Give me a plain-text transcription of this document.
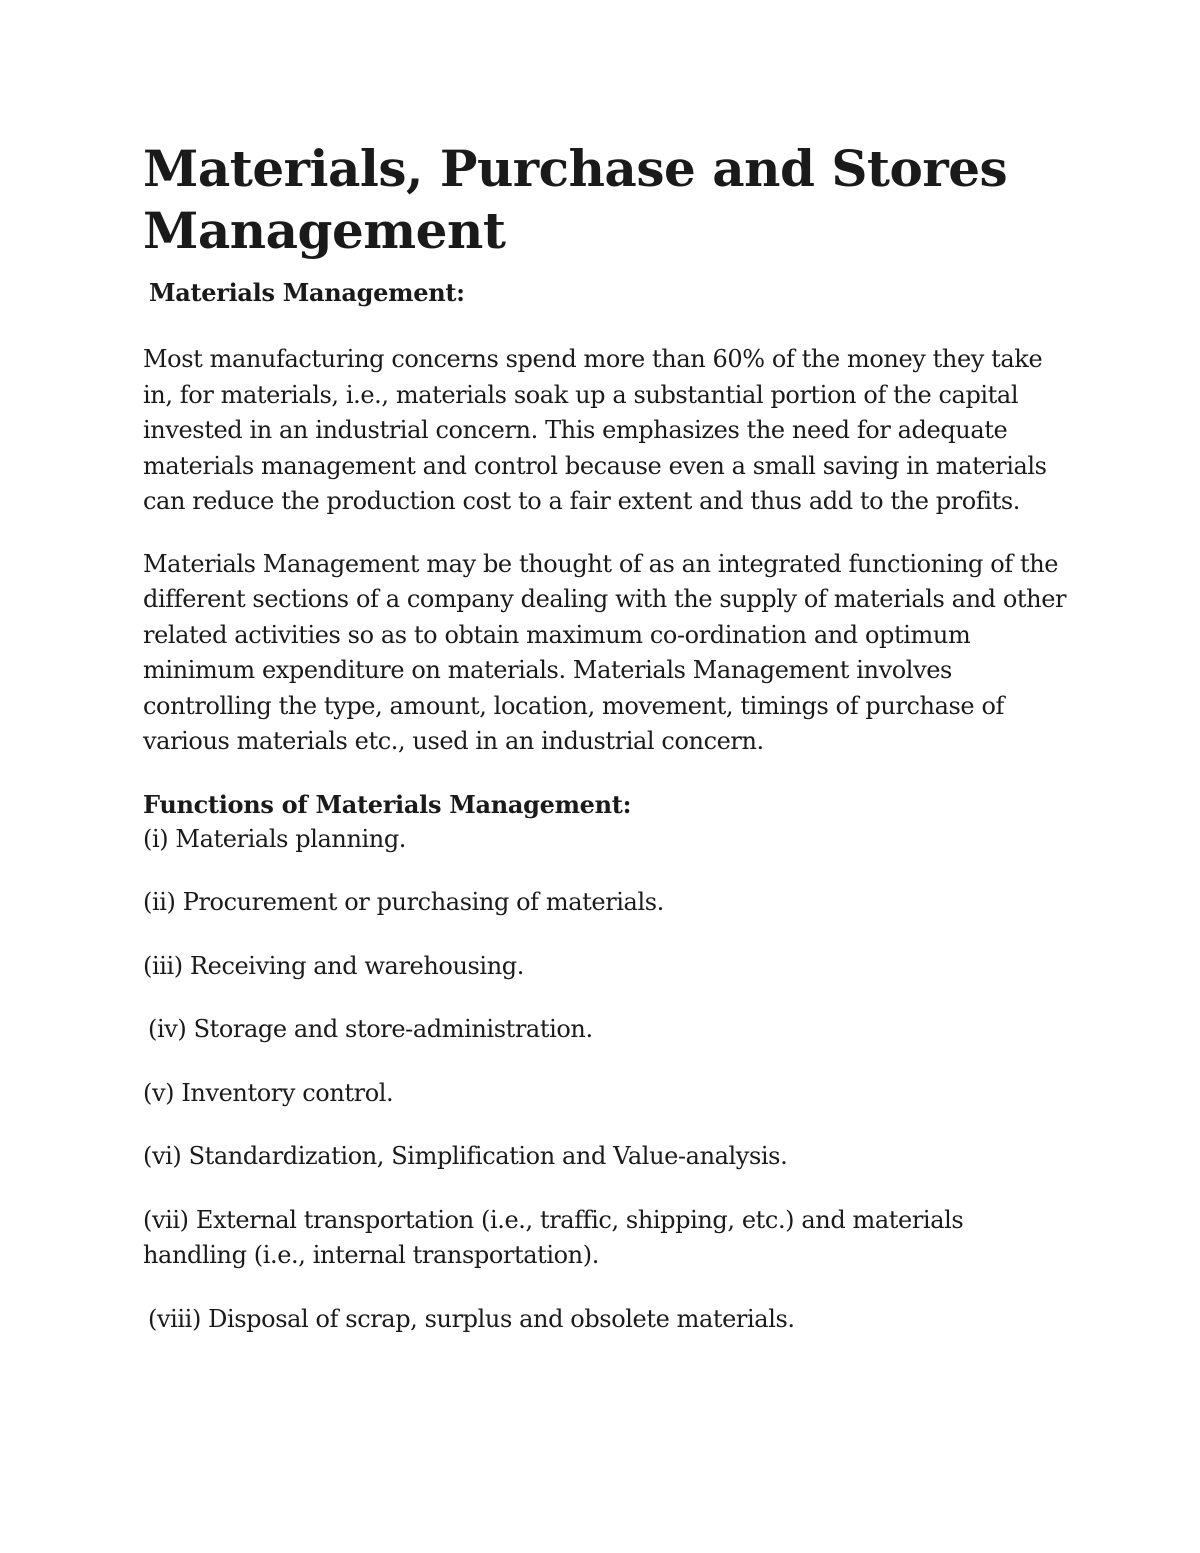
Materials, Purchase and Stores Management
Materials Management:

Most manufacturing concerns spend more than 60% of the money they take in, for materials, i.e., materials soak up a substantial portion of the capital invested in an industrial concern. This emphasizes the need for adequate materials management and control because even a small saving in materials can reduce the production cost to a fair extent and thus add to the profits.

Materials Management may be thought of as an integrated functioning of the different sections of a company dealing with the supply of materials and other related activities so as to obtain maximum co-ordination and optimum minimum expenditure on materials. Materials Management involves controlling the type, amount, location, movement, timings of purchase of various materials etc., used in an industrial concern.

Functions of Materials Management:
(i) Materials planning.
(ii) Procurement or purchasing of materials.
(iii) Receiving and warehousing.
(iv) Storage and store-administration.
(v) Inventory control.
(vi) Standardization, Simplification and Value-analysis.
(vii) External transportation (i.e., traffic, shipping, etc.) and materials handling (i.e., internal transportation).
(viii) Disposal of scrap, surplus and obsolete materials.
